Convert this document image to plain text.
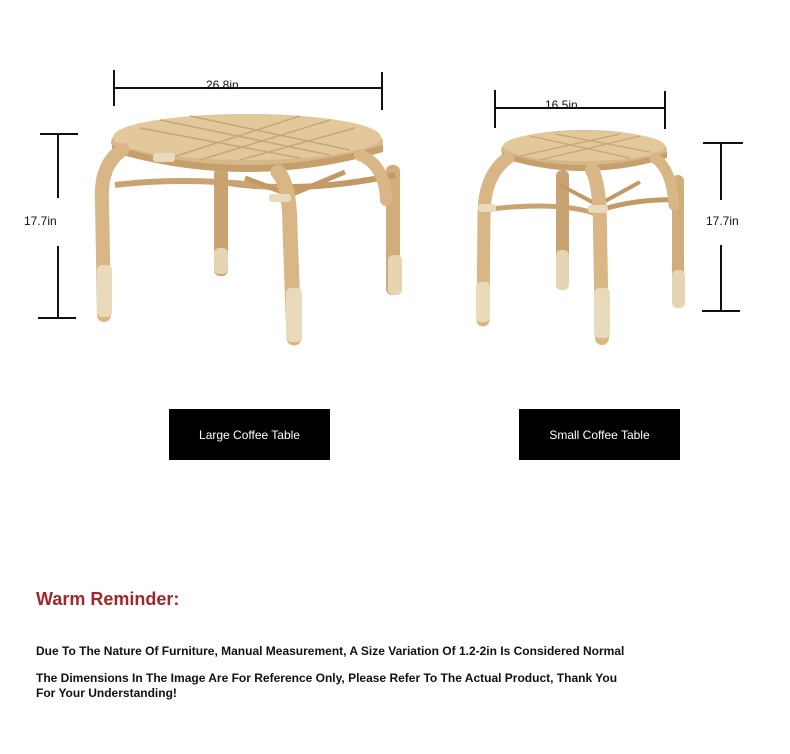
26.8in
17.7in
16.5in
17.7in
Large Coffee Table	Small Coffee Table
Warm Reminder:
Due To The Nature Of Furniture, Manual Measurement, A Size Variation Of 1.2-2in Is Considered Normal
The Dimensions In The Image Are For Reference Only, Please Refer To The Actual Product, Thank You For Your Understanding!
